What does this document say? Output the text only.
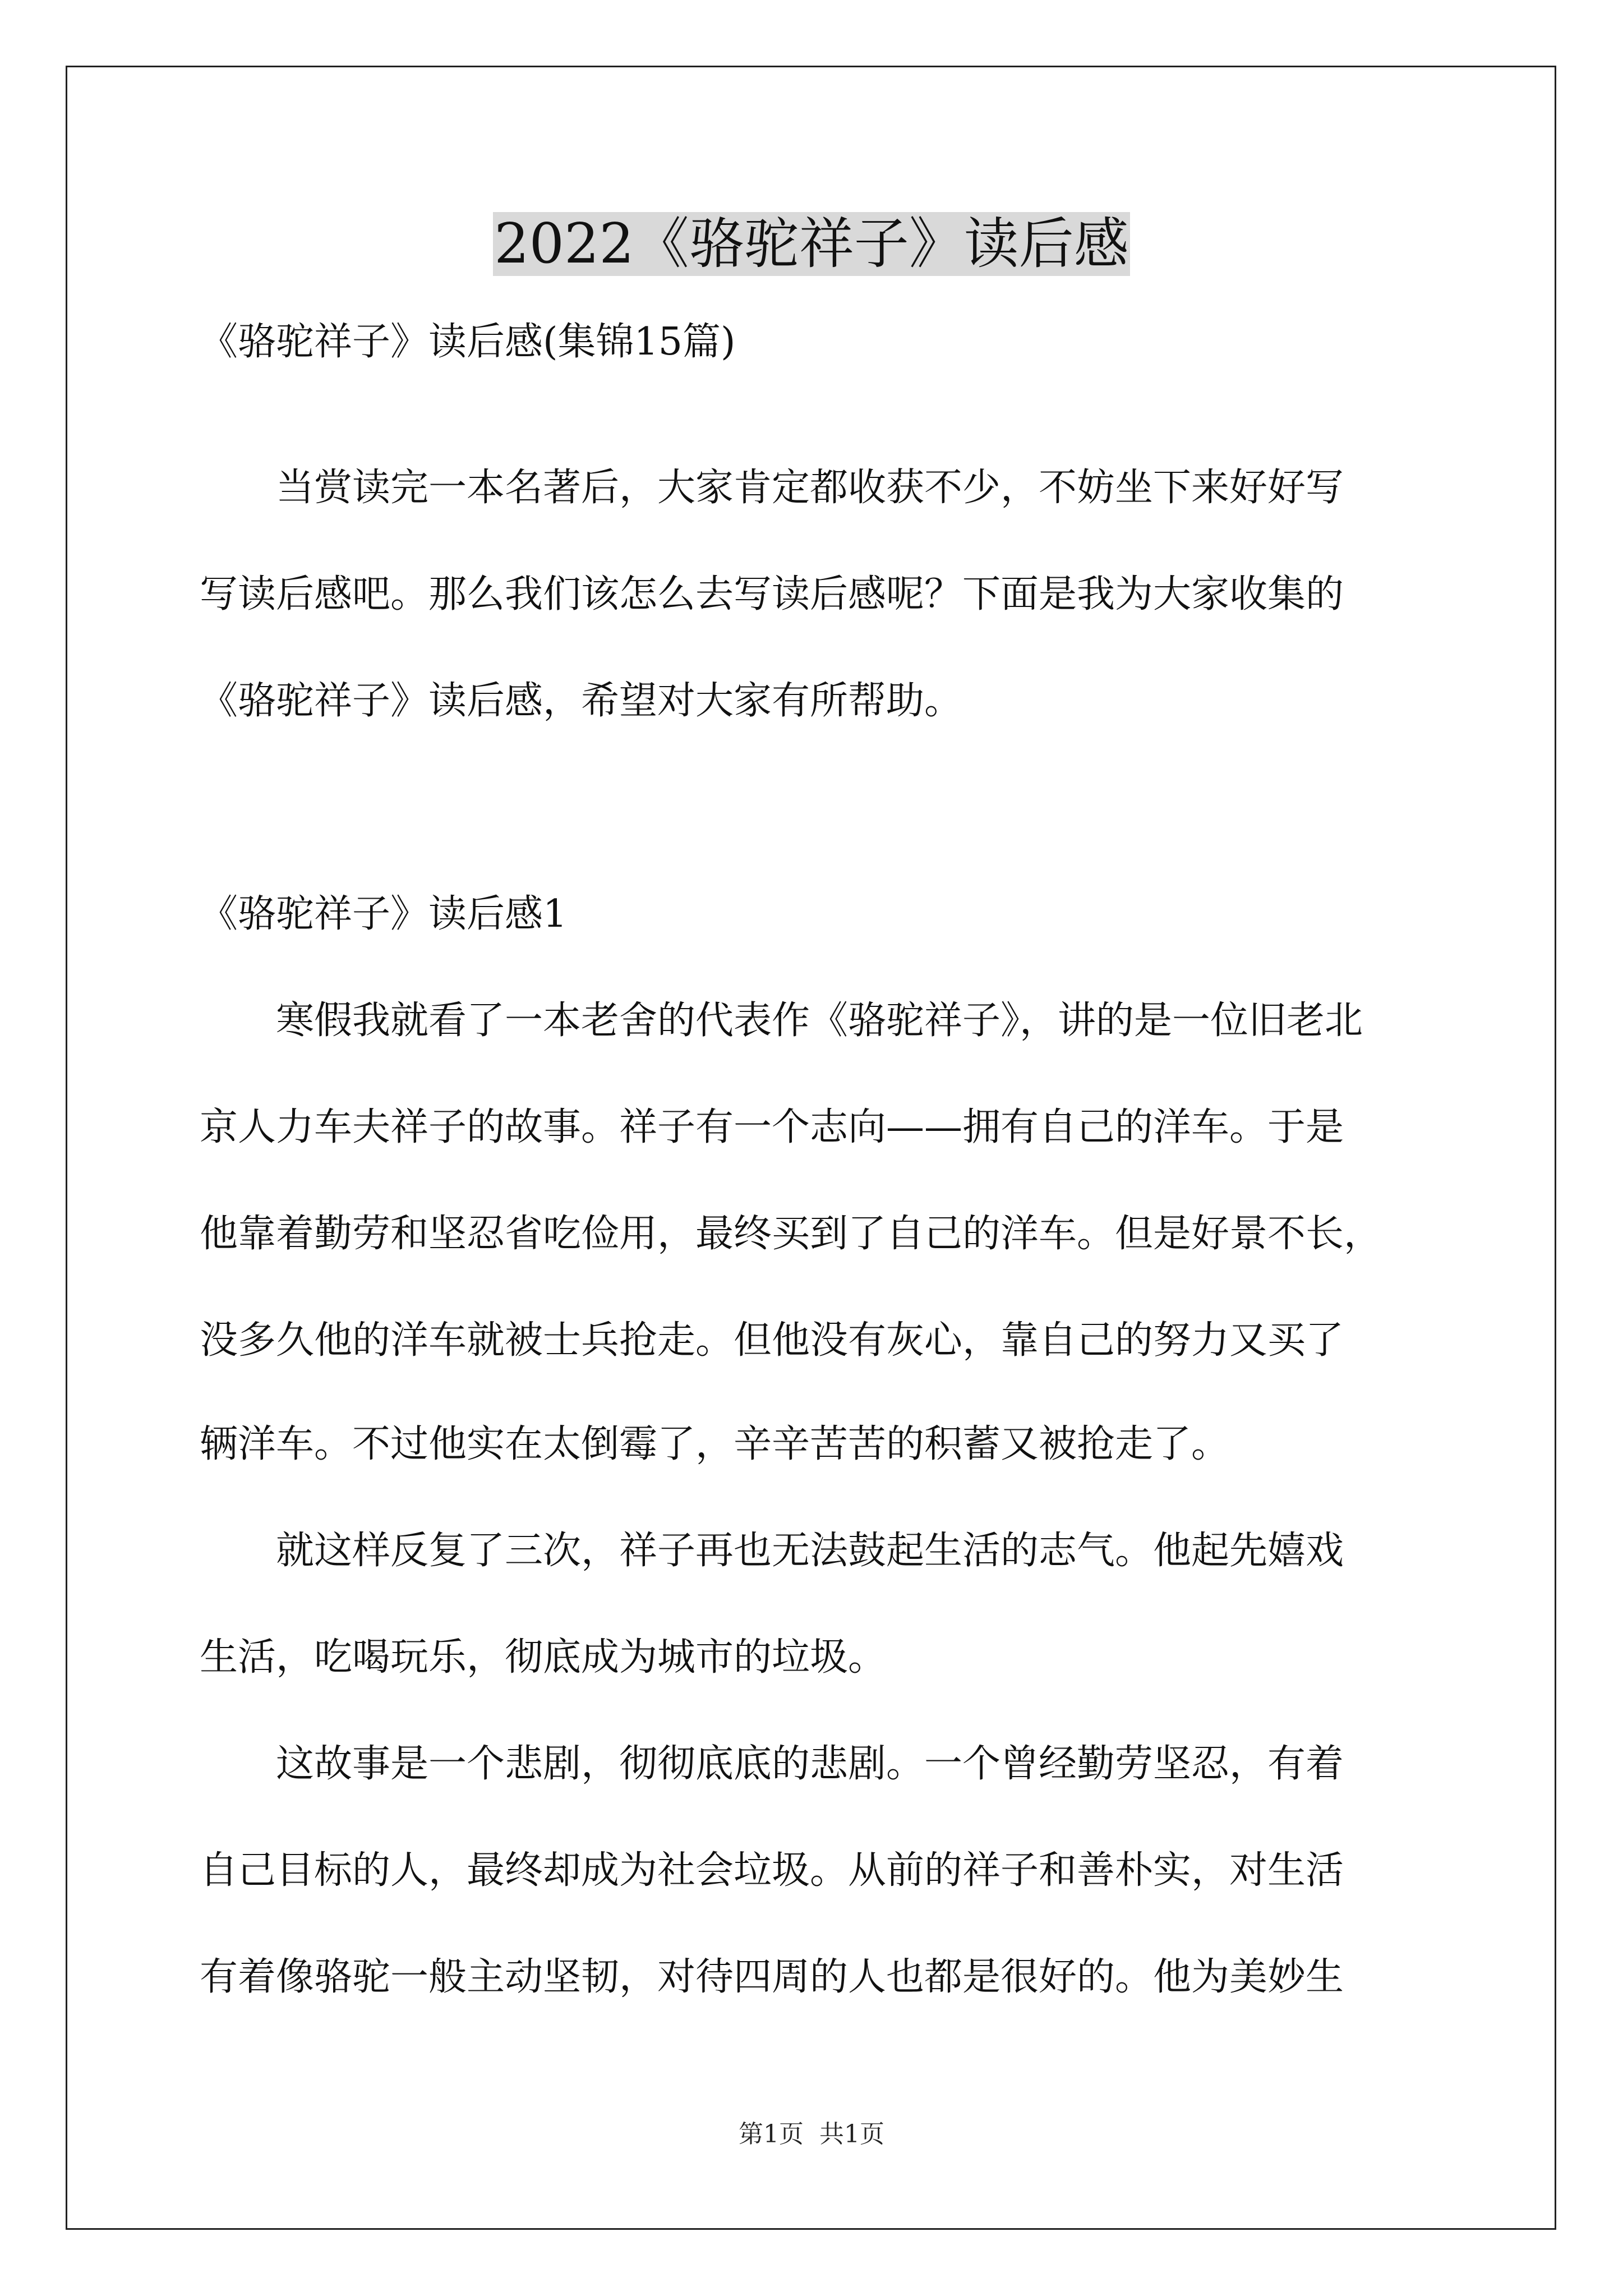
2022《骆驼祥子》读后感

《骆驼祥子》读后感(集锦15篇)

　　当赏读完一本名著后，大家肯定都收获不少，不妨坐下来好好写

写读后感吧。那么我们该怎么去写读后感呢？下面是我为大家收集的

《骆驼祥子》读后感，希望对大家有所帮助。

《骆驼祥子》读后感1

　　寒假我就看了一本老舍的代表作《骆驼祥子》，讲的是一位旧老北

京人力车夫祥子的故事。祥子有一个志向——拥有自己的洋车。于是

他靠着勤劳和坚忍省吃俭用，最终买到了自己的洋车。但是好景不长，

没多久他的洋车就被士兵抢走。但他没有灰心，靠自己的努力又买了

辆洋车。不过他实在太倒霉了，辛辛苦苦的积蓄又被抢走了。

　　就这样反复了三次，祥子再也无法鼓起生活的志气。他起先嬉戏

生活，吃喝玩乐，彻底成为城市的垃圾。

　　这故事是一个悲剧，彻彻底底的悲剧。一个曾经勤劳坚忍，有着

自己目标的人，最终却成为社会垃圾。从前的祥子和善朴实，对生活

有着像骆驼一般主动坚韧，对待四周的人也都是很好的。他为美妙生

第1页 共1页
